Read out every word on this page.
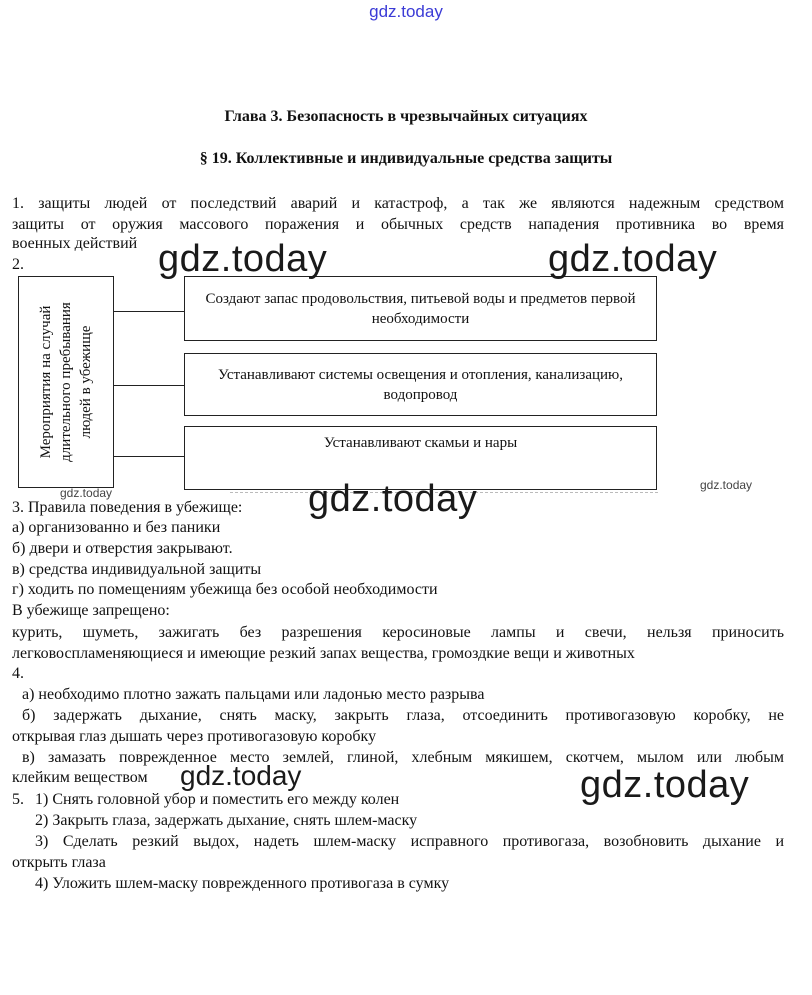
gdz.today
Глава 3. Безопасность в чрезвычайных ситуациях
§ 19. Коллективные и индивидуальные средства защиты
1. защиты людей от последствий аварий и катастроф, а так же являются надежным средством
защиты от оружия массового поражения и обычных средств нападения противника во время
военных действий
2.
Мероприятия на случай длительного пребывания людей в убежище
Создают запас продовольствия, питьевой воды и предметов первой необходимости
Устанавливают системы освещения и отопления, канализацию, водопровод
Устанавливают скамьи и нары
3. Правила поведения в убежище:
а) организованно и без паники
б) двери и отверстия закрывают.
в) средства индивидуальной защиты
г) ходить по помещениям убежища без особой необходимости
В убежище запрещено:
курить, шуметь, зажигать без разрешения керосиновые лампы и свечи, нельзя приносить
легковоспламеняющиеся и имеющие резкий запах вещества, громоздкие вещи и животных
4.
а) необходимо плотно зажать пальцами или ладонью место разрыва
б) задержать дыхание, снять маску, закрыть глаза, отсоединить противогазовую коробку, не
открывая глаз дышать через противогазовую коробку
в) замазать поврежденное место землей, глиной, хлебным мякишем, скотчем, мылом или любым
клейким веществом
5. 1) Снять головной убор и поместить его между колен
2) Закрыть глаза, задержать дыхание, снять шлем-маску
3) Сделать резкий выдох, надеть шлем-маску исправного противогаза, возобновить дыхание и
открыть глаза
4) Уложить шлем-маску поврежденного противогаза в сумку
gdz.today	gdz.today
gdz.today	gdz.today	gdz.today
gdz.today	gdz.today
